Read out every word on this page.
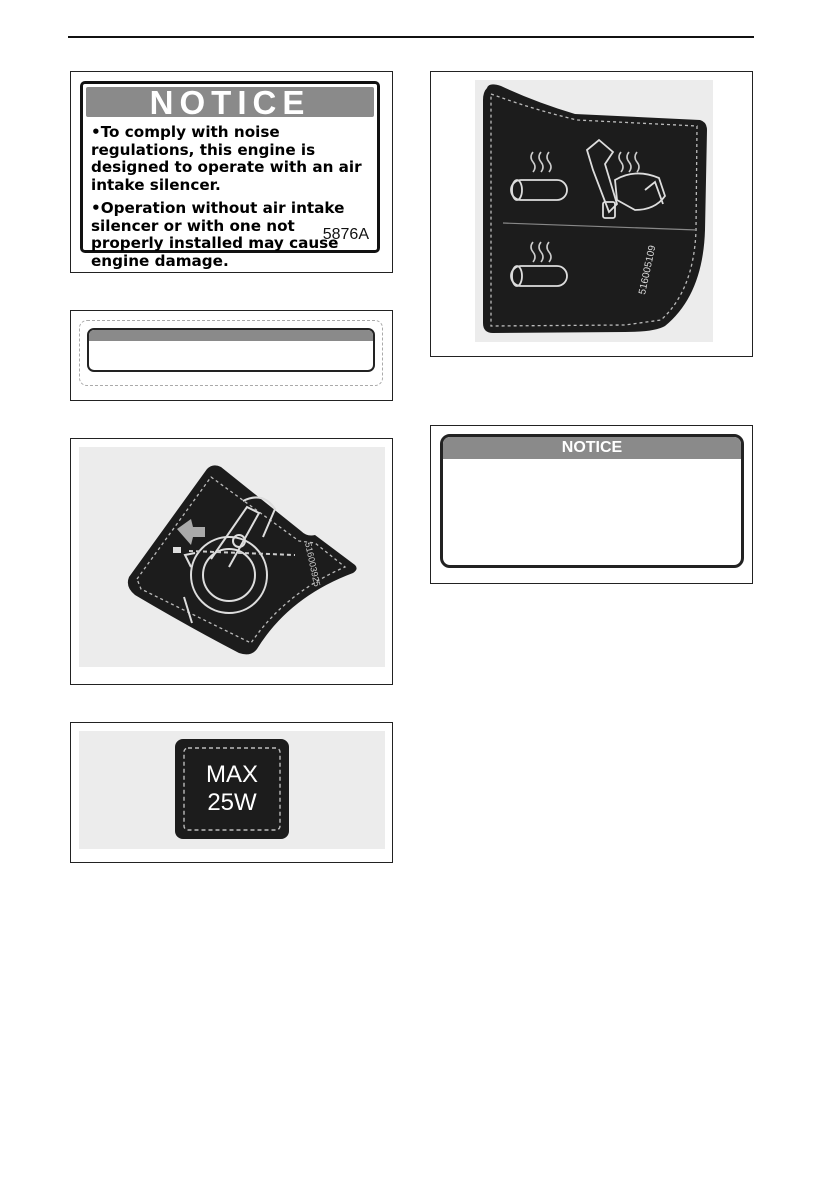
NOTICE

•To comply with noise regulations, this engine is designed to operate with an air intake silencer.

•Operation without air intake silencer or with one not properly installed may cause engine damage.

5876A
516005109
NOTICE
516003925
MAX
25W
